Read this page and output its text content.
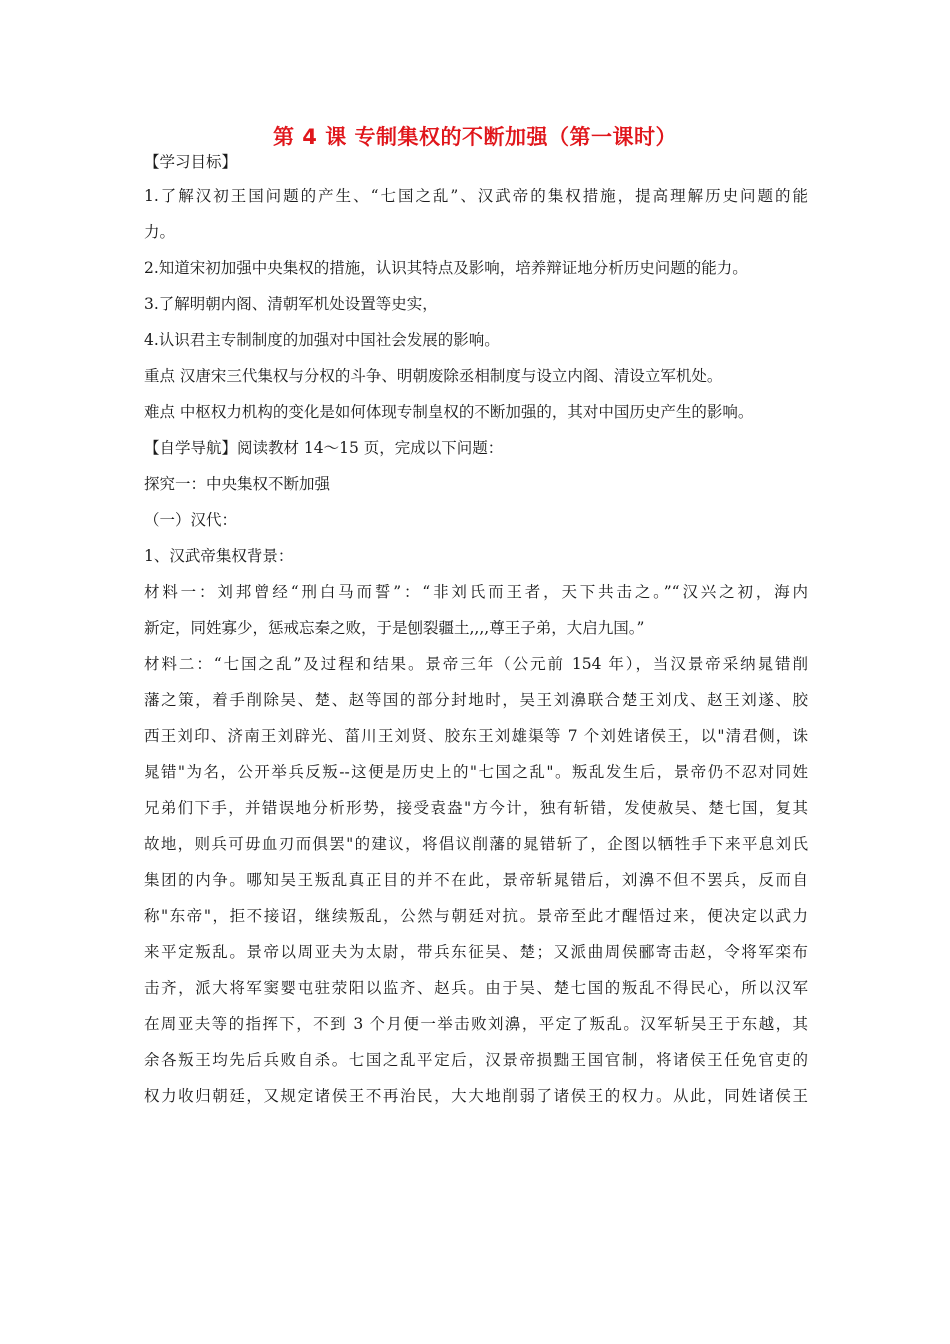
第 4 课 专制集权的不断加强（第一课时）
【学习目标】
1.了解汉初王国问题的产生、“七国之乱”、汉武帝的集权措施，提高理解历史问题的能
力。
2.知道宋初加强中央集权的措施，认识其特点及影响，培养辩证地分析历史问题的能力。
3.了解明朝内阁、清朝军机处设置等史实，
4.认识君主专制制度的加强对中国社会发展的影响。
重点 汉唐宋三代集权与分权的斗争、明朝废除丞相制度与设立内阁、清设立军机处。
难点 中枢权力机构的变化是如何体现专制皇权的不断加强的，其对中国历史产生的影响。
【自学导航】阅读教材 14～15 页，完成以下问题：
探究一：中央集权不断加强
（一）汉代：
1、汉武帝集权背景：
材料一：刘邦曾经“刑白马而誓”：“非刘氏而王者，天下共击之。”“汉兴之初，海内
新定，同姓寡少，惩戒忘秦之败，于是刨裂疆土,,,,尊王子弟，大启九国。”
材料二：“七国之乱”及过程和结果。景帝三年（公元前 154 年），当汉景帝采纳晁错削
藩之策，着手削除吴、楚、赵等国的部分封地时，吴王刘濞联合楚王刘戊、赵王刘遂、胶
西王刘印、济南王刘辟光、菑川王刘贤、胶东王刘雄渠等 7 个刘姓诸侯王，以"清君侧，诛
晁错"为名，公开举兵反叛--这便是历史上的"七国之乱"。叛乱发生后，景帝仍不忍对同姓
兄弟们下手，并错误地分析形势，接受袁盎"方今计，独有斩错，发使赦吴、楚七国，复其
故地，则兵可毋血刃而俱罢"的建议，将倡议削藩的晁错斩了，企图以牺牲手下来平息刘氏
集团的内争。哪知吴王叛乱真正目的并不在此，景帝斩晁错后，刘濞不但不罢兵，反而自
称"东帝"，拒不接诏，继续叛乱，公然与朝廷对抗。景帝至此才醒悟过来，便决定以武力
来平定叛乱。景帝以周亚夫为太尉，带兵东征吴、楚；又派曲周侯郦寄击赵，令将军栾布
击齐，派大将军窦婴屯驻荥阳以监齐、赵兵。由于吴、楚七国的叛乱不得民心，所以汉军
在周亚夫等的指挥下，不到 3 个月便一举击败刘濞，平定了叛乱。汉军斩吴王于东越，其
余各叛王均先后兵败自杀。七国之乱平定后，汉景帝损黜王国官制，将诸侯王任免官吏的
权力收归朝廷，又规定诸侯王不再治民，大大地削弱了诸侯王的权力。从此，同姓诸侯王
